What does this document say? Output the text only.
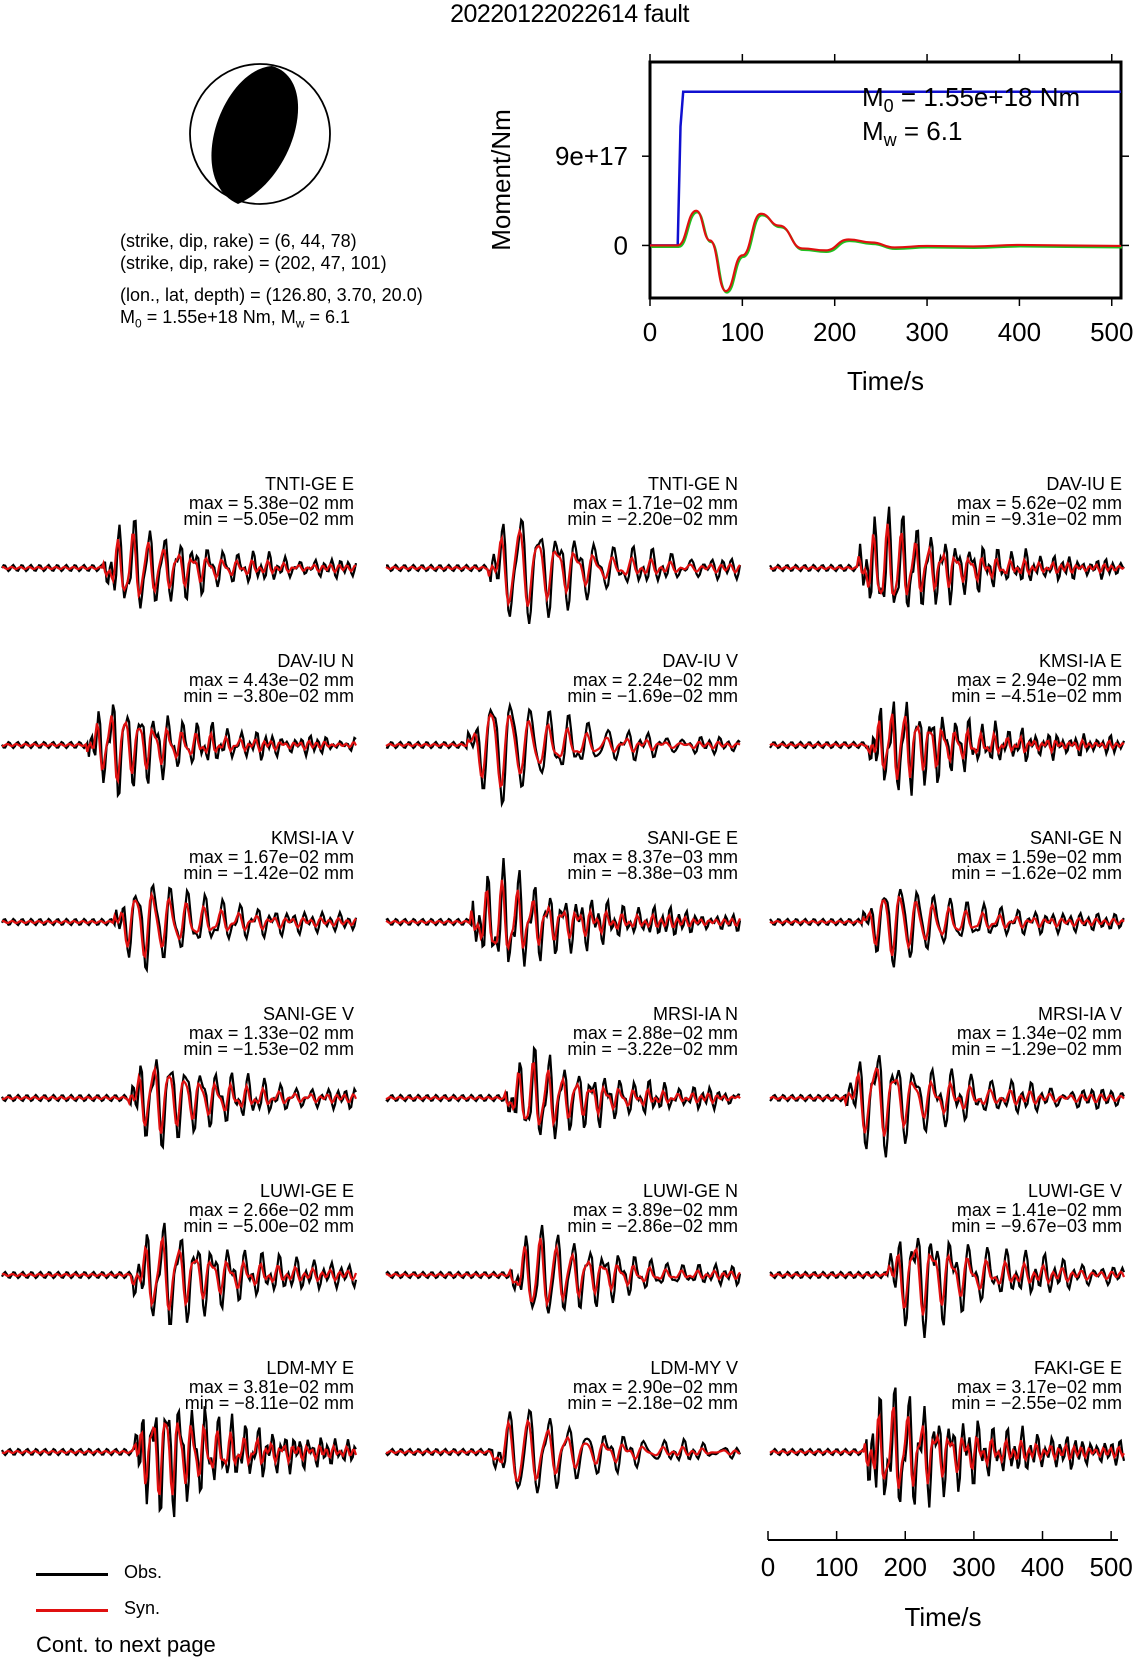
20220122022614 fault
(strike, dip, rake) = (6, 44, 78)
(strike, dip, rake) = (202, 47, 101)
(lon., lat, depth) = (126.80, 3.70, 20.0)
$M_0 = 1.55e+18$ Nm, $M_w = 6.1$	0 100 200 300 400 500
9e+17
0
Time/s
Moment/Nm
$M_0 = 1.55e+18$ Nm
$M_w = 6.1$
TNTI-GE E
max = 5.38e−02 mm
min = −5.05e−02 mm
TNTI-GE N
max = 1.71e−02 mm
min = −2.20e−02 mm
DAV-IU E
max = 5.62e−02 mm
min = −9.31e−02 mm
DAV-IU N
max = 4.43e−02 mm
min = −3.80e−02 mm
DAV-IU V
max = 2.24e−02 mm
min = −1.69e−02 mm
KMSI-IA E
max = 2.94e−02 mm
min = −4.51e−02 mm
KMSI-IA V
max = 1.67e−02 mm
min = −1.42e−02 mm
SANI-GE E
max = 8.37e−03 mm
min = −8.38e−03 mm
SANI-GE N
max = 1.59e−02 mm
min = −1.62e−02 mm
SANI-GE V
max = 1.33e−02 mm
min = −1.53e−02 mm
MRSI-IA N
max = 2.88e−02 mm
min = −3.22e−02 mm
MRSI-IA V
max = 1.34e−02 mm
min = −1.29e−02 mm
LUWI-GE E
max = 2.66e−02 mm
min = −5.00e−02 mm
LUWI-GE N
max = 3.89e−02 mm
min = −2.86e−02 mm
LUWI-GE V
max = 1.41e−02 mm
min = −9.67e−03 mm
LDM-MY E
max = 3.81e−02 mm
min = −8.11e−02 mm
LDM-MY V
max = 2.90e−02 mm
min = −2.18e−02 mm
FAKI-GE E
max = 3.17e−02 mm
min = −2.55e−02 mm
0 100 200 300 400 500
Time/s
Obs.
Syn.
Cont. to next page
